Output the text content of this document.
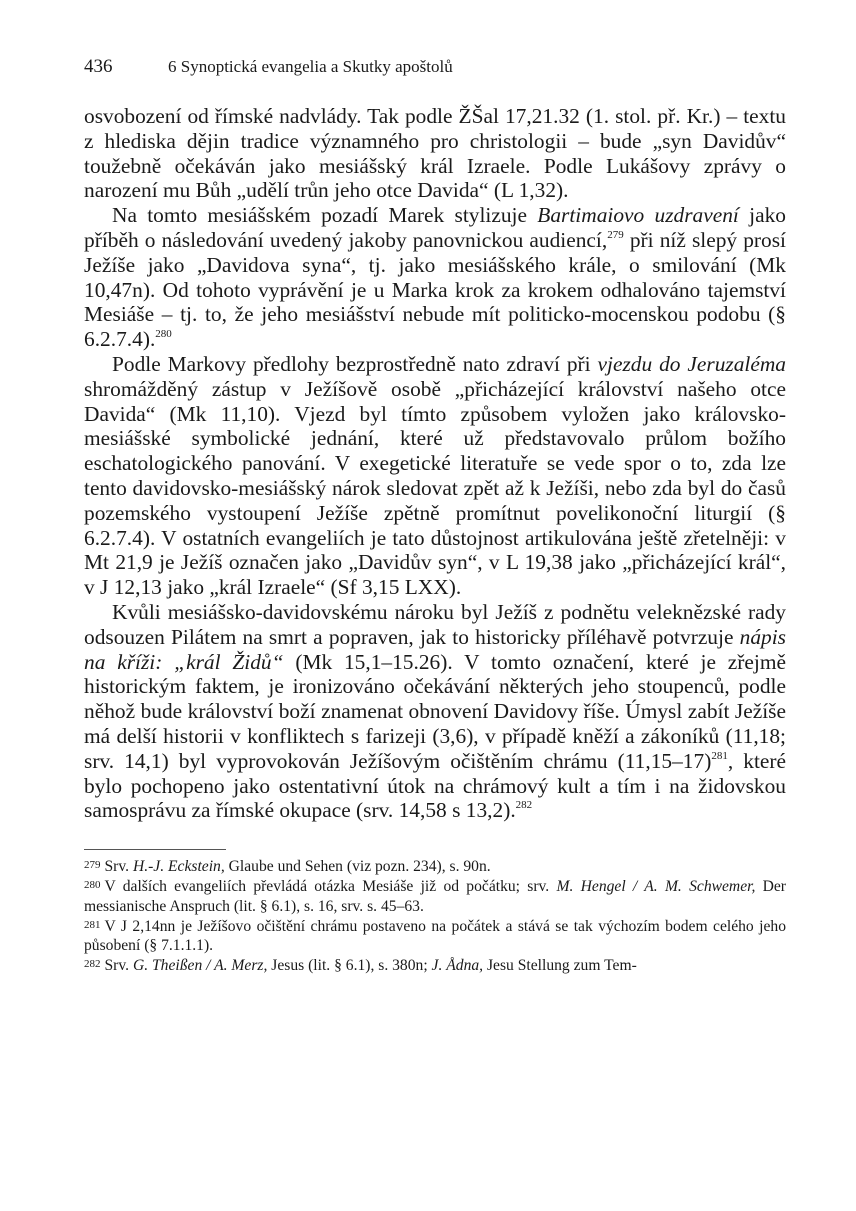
436	6 Synoptická evangelia a Skutky apoštolů

osvobození od římské nadvlády. Tak podle ŽŠal 17,21.32 (1. stol. př. Kr.) – textu z hlediska dějin tradice významného pro christologii – bude „syn Davidův“ toužebně očekáván jako mesiášský král Izraele. Podle Lukášovy zprávy o narození mu Bůh „udělí trůn jeho otce Davida“ (L 1,32).

Na tomto mesiášském pozadí Marek stylizuje Bartimaiovo uzdravení jako příběh o následování uvedený jakoby panovnickou audiencí,$^{279}$ při níž slepý prosí Ježíše jako „Davidova syna“, tj. jako mesiášského krále, o smilování (Mk 10,47n). Od tohoto vyprávění je u Marka krok za krokem odhalováno tajemství Mesiáše – tj. to, že jeho mesiášství nebude mít politicko-mocenskou podobu (§ 6.2.7.4).$^{280}$

Podle Markovy předlohy bezprostředně nato zdraví při vjezdu do Jeruzaléma shromážděný zástup v Ježíšově osobě „přicházející království našeho otce Davida“ (Mk 11,10). Vjezd byl tímto způsobem vyložen jako královsko-mesiášské symbolické jednání, které už představovalo průlom božího eschatologického panování. V exegetické literatuře se vede spor o to, zda lze tento davidovsko-mesiášský nárok sledovat zpět až k Ježíši, nebo zda byl do časů pozemského vystoupení Ježíše zpětně promítnut povelikonoční liturgií (§ 6.2.7.4). V ostatních evangeliích je tato důstojnost artikulována ještě zřetelněji: v Mt 21,9 je Ježíš označen jako „Davidův syn“, v L 19,38 jako „přicházející král“, v J 12,13 jako „král Izraele“ (Sf 3,15 LXX).

Kvůli mesiášsko-davidovskému nároku byl Ježíš z podnětu veleknězské rady odsouzen Pilátem na smrt a popraven, jak to historicky příléhavě potvrzuje nápis na kříži: „král Židů“ (Mk 15,1–15.26). V tomto označení, které je zřejmě historickým faktem, je ironizováno očekávání některých jeho stoupenců, podle něhož bude království boží znamenat obnovení Davidovy říše. Úmysl zabít Ježíše má delší historii v konfliktech s farizeji (3,6), v případě kněží a zákoníků (11,18; srv. 14,1) byl vyprovokován Ježíšovým očištěním chrámu $(11,15-17)^{281}$, které bylo pochopeno jako ostentativní útok na chrámový kult a tím i na židovskou samosprávu za římské okupace (srv. 14,58 s 13,2).$^{282}$

279 Srv. H.-J. Eckstein, Glaube und Sehen (viz pozn. 234), s. 90n.

280 V dalších evangeliích převládá otázka Mesiáše již od počátku; srv. M. Hengel / A. M. Schwemer, Der messianische Anspruch (lit. § 6.1), s. 16, srv. s. 45–63.

281 V J 2,14nn je Ježíšovo očištění chrámu postaveno na počátek a stává se tak výchozím bodem celého jeho působení (§ 7.1.1.1).

282 Srv. G. Theißen / A. Merz, Jesus (lit. § 6.1), s. 380n; J. Ådna, Jesu Stellung zum Tem-
